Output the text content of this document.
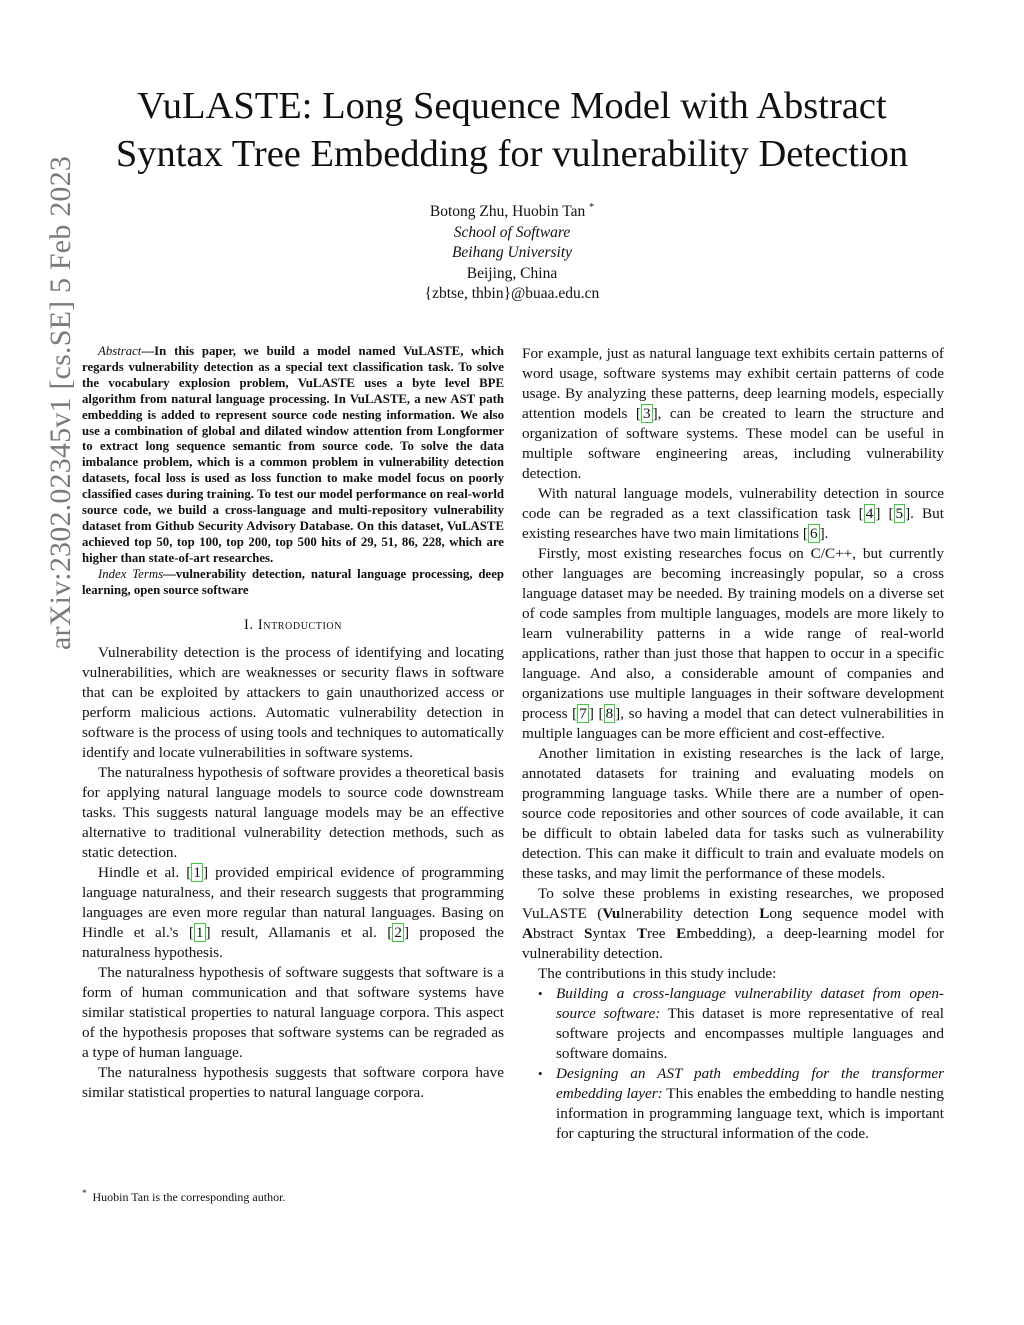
arXiv:2302.02345v1 [cs.SE] 5 Feb 2023
VuLASTE: Long Sequence Model with Abstract
Syntax Tree Embedding for vulnerability Detection
Botong Zhu, Huobin Tan *
School of Software
Beihang University
Beijing, China
{zbtse, thbin}@buaa.edu.cn

Abstract—In this paper, we build a model named VuLASTE, which regards vulnerability detection as a special text classification task. To solve the vocabulary explosion problem, VuLASTE uses a byte level BPE algorithm from natural language processing. In VuLASTE, a new AST path embedding is added to represent source code nesting information. We also use a combination of global and dilated window attention from Longformer to extract long sequence semantic from source code. To solve the data imbalance problem, which is a common problem in vulnerability detection datasets, focal loss is used as loss function to make model focus on poorly classified cases during training. To test our model performance on real-world source code, we build a cross-language and multi-repository vulnerability dataset from Github Security Advisory Database. On this dataset, VuLASTE achieved top 50, top 100, top 200, top 500 hits of 29, 51, 86, 228, which are higher than state-of-art researches.

Index Terms—vulnerability detection, natural language processing, deep learning, open source software

I. Introduction

Vulnerability detection is the process of identifying and locating vulnerabilities, which are weaknesses or security flaws in software that can be exploited by attackers to gain unauthorized access or perform malicious actions. Automatic vulnerability detection in software is the process of using tools and techniques to automatically identify and locate vulnerabilities in software systems.

The naturalness hypothesis of software provides a theoretical basis for applying natural language models to source code downstream tasks. This suggests natural language models may be an effective alternative to traditional vulnerability detection methods, such as static detection.

Hindle et al. [ 1 ] provided empirical evidence of programming language naturalness, and their research suggests that programming languages are even more regular than natural languages. Basing on Hindle et al.'s [ 1 ] result, Allamanis et al. [ 2 ] proposed the naturalness hypothesis.

The naturalness hypothesis of software suggests that software is a form of human communication and that software systems have similar statistical properties to natural language corpora. This aspect of the hypothesis proposes that software systems can be regraded as a type of human language.

The naturalness hypothesis suggests that software corpora have similar statistical properties to natural language corpora.

For example, just as natural language text exhibits certain patterns of word usage, software systems may exhibit certain patterns of code usage. By analyzing these patterns, deep learning models, especially attention models [ 3 ], can be created to learn the structure and organization of software systems. These model can be useful in multiple software engineering areas, including vulnerability detection.

With natural language models, vulnerability detection in source code can be regraded as a text classification task [ 4 ] [ 5 ]. But existing researches have two main limitations [ 6 ].

Firstly, most existing researches focus on C/C++, but currently other languages are becoming increasingly popular, so a cross language dataset may be needed. By training models on a diverse set of code samples from multiple languages, models are more likely to learn vulnerability patterns in a wide range of real-world applications, rather than just those that happen to occur in a specific language. And also, a considerable amount of companies and organizations use multiple languages in their software development process [ 7 ] [ 8 ], so having a model that can detect vulnerabilities in multiple languages can be more efficient and cost-effective.

Another limitation in existing researches is the lack of large, annotated datasets for training and evaluating models on programming language tasks. While there are a number of open-source code repositories and other sources of code available, it can be difficult to obtain labeled data for tasks such as vulnerability detection. This can make it difficult to train and evaluate models on these tasks, and may limit the performance of these models.

To solve these problems in existing researches, we proposed VuLASTE (Vulnerability detection Long sequence model with Abstract Syntax Tree Embedding), a deep-learning model for vulnerability detection.

The contributions in this study include:

• Building a cross-language vulnerability dataset from open-source software: This dataset is more representative of real software projects and encompasses multiple languages and software domains.
• Designing an AST path embedding for the transformer embedding layer: This enables the embedding to handle nesting information in programming language text, which is important for capturing the structural information of the code.
* Huobin Tan is the corresponding author.
